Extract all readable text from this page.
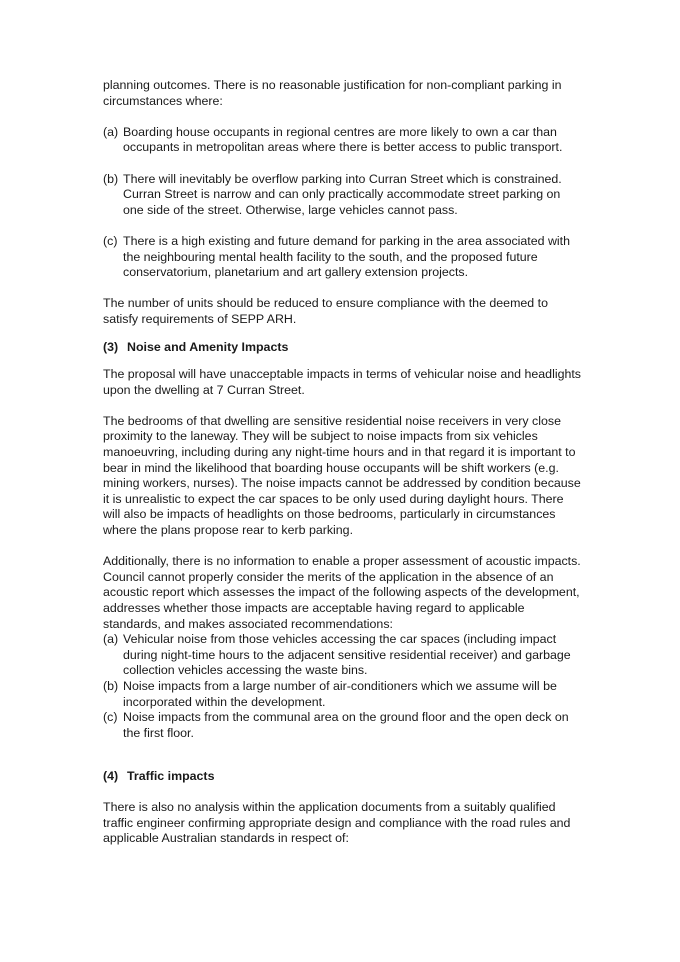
planning outcomes. There is no reasonable justification for non-compliant parking in circumstances where:

(a) Boarding house occupants in regional centres are more likely to own a car than occupants in metropolitan areas where there is better access to public transport.

(b) There will inevitably be overflow parking into Curran Street which is constrained. Curran Street is narrow and can only practically accommodate street parking on one side of the street. Otherwise, large vehicles cannot pass.

(c) There is a high existing and future demand for parking in the area associated with the neighbouring mental health facility to the south, and the proposed future conservatorium, planetarium and art gallery extension projects.

The number of units should be reduced to ensure compliance with the deemed to satisfy requirements of SEPP ARH.

(3) Noise and Amenity Impacts

The proposal will have unacceptable impacts in terms of vehicular noise and headlights upon the dwelling at 7 Curran Street.

The bedrooms of that dwelling are sensitive residential noise receivers in very close proximity to the laneway. They will be subject to noise impacts from six vehicles manoeuvring, including during any night-time hours and in that regard it is important to bear in mind the likelihood that boarding house occupants will be shift workers (e.g. mining workers, nurses). The noise impacts cannot be addressed by condition because it is unrealistic to expect the car spaces to be only used during daylight hours. There will also be impacts of headlights on those bedrooms, particularly in circumstances where the plans propose rear to kerb parking.

Additionally, there is no information to enable a proper assessment of acoustic impacts. Council cannot properly consider the merits of the application in the absence of an acoustic report which assesses the impact of the following aspects of the development, addresses whether those impacts are acceptable having regard to applicable standards, and makes associated recommendations:

(a) Vehicular noise from those vehicles accessing the car spaces (including impact during night-time hours to the adjacent sensitive residential receiver) and garbage collection vehicles accessing the waste bins.

(b) Noise impacts from a large number of air-conditioners which we assume will be incorporated within the development.

(c) Noise impacts from the communal area on the ground floor and the open deck on the first floor.

(4) Traffic impacts

There is also no analysis within the application documents from a suitably qualified traffic engineer confirming appropriate design and compliance with the road rules and applicable Australian standards in respect of:
